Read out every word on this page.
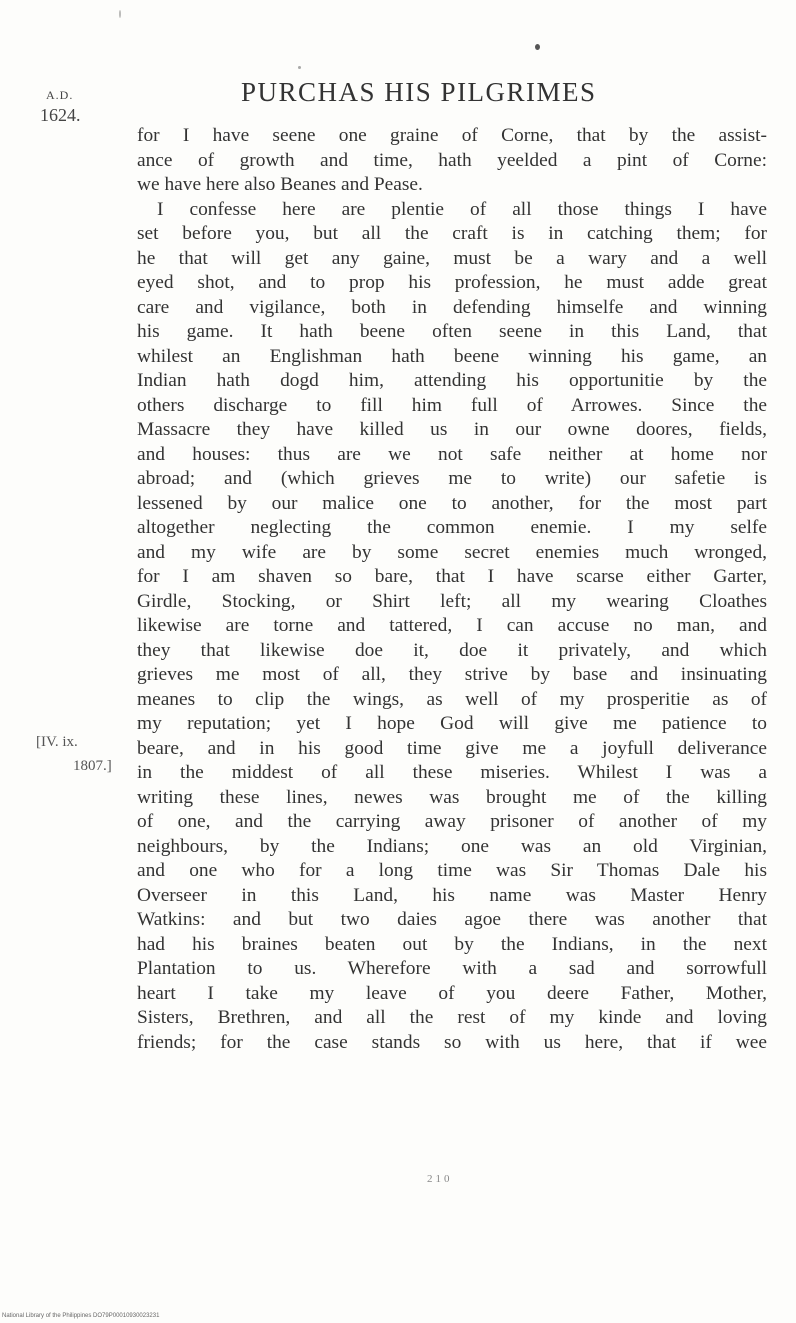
PURCHAS HIS PILGRIMES
A.D.
1624.
for I have seene one graine of Corne, that by the assist-
ance of growth and time, hath yeelded a pint of Corne:
we have here also Beanes and Pease.
I confesse here are plentie of all those things I have
set before you, but all the craft is in catching them; for
he that will get any gaine, must be a wary and a well
eyed shot, and to prop his profession, he must adde great
care and vigilance, both in defending himselfe and winning
his game. It hath beene often seene in this Land, that
whilest an Englishman hath beene winning his game, an
Indian hath dogd him, attending his opportunitie by the
others discharge to fill him full of Arrowes. Since the
Massacre they have killed us in our owne doores, fields,
and houses: thus are we not safe neither at home nor
abroad; and (which grieves me to write) our safetie is
lessened by our malice one to another, for the most part
altogether neglecting the common enemie. I my selfe
and my wife are by some secret enemies much wronged,
for I am shaven so bare, that I have scarse either Garter,
Girdle, Stocking, or Shirt left; all my wearing Cloathes
likewise are torne and tattered, I can accuse no man, and
they that likewise doe it, doe it privately, and which
grieves me most of all, they strive by base and insinuating
meanes to clip the wings, as well of my prosperitie as of
my reputation; yet I hope God will give me patience to
beare, and in his good time give me a joyfull deliverance
in the middest of all these miseries. Whilest I was a
writing these lines, newes was brought me of the killing
of one, and the carrying away prisoner of another of my
neighbours, by the Indians; one was an old Virginian,
and one who for a long time was Sir Thomas Dale his
Overseer in this Land, his name was Master Henry
Watkins: and but two daies agoe there was another that
had his braines beaten out by the Indians, in the next
Plantation to us. Wherefore with a sad and sorrowfull
heart I take my leave of you deere Father, Mother,
Sisters, Brethren, and all the rest of my kinde and loving
friends; for the case stands so with us here, that if wee
[IV. ix.
1807.]
210
National Library of the Philippines DO79P00010930023231
